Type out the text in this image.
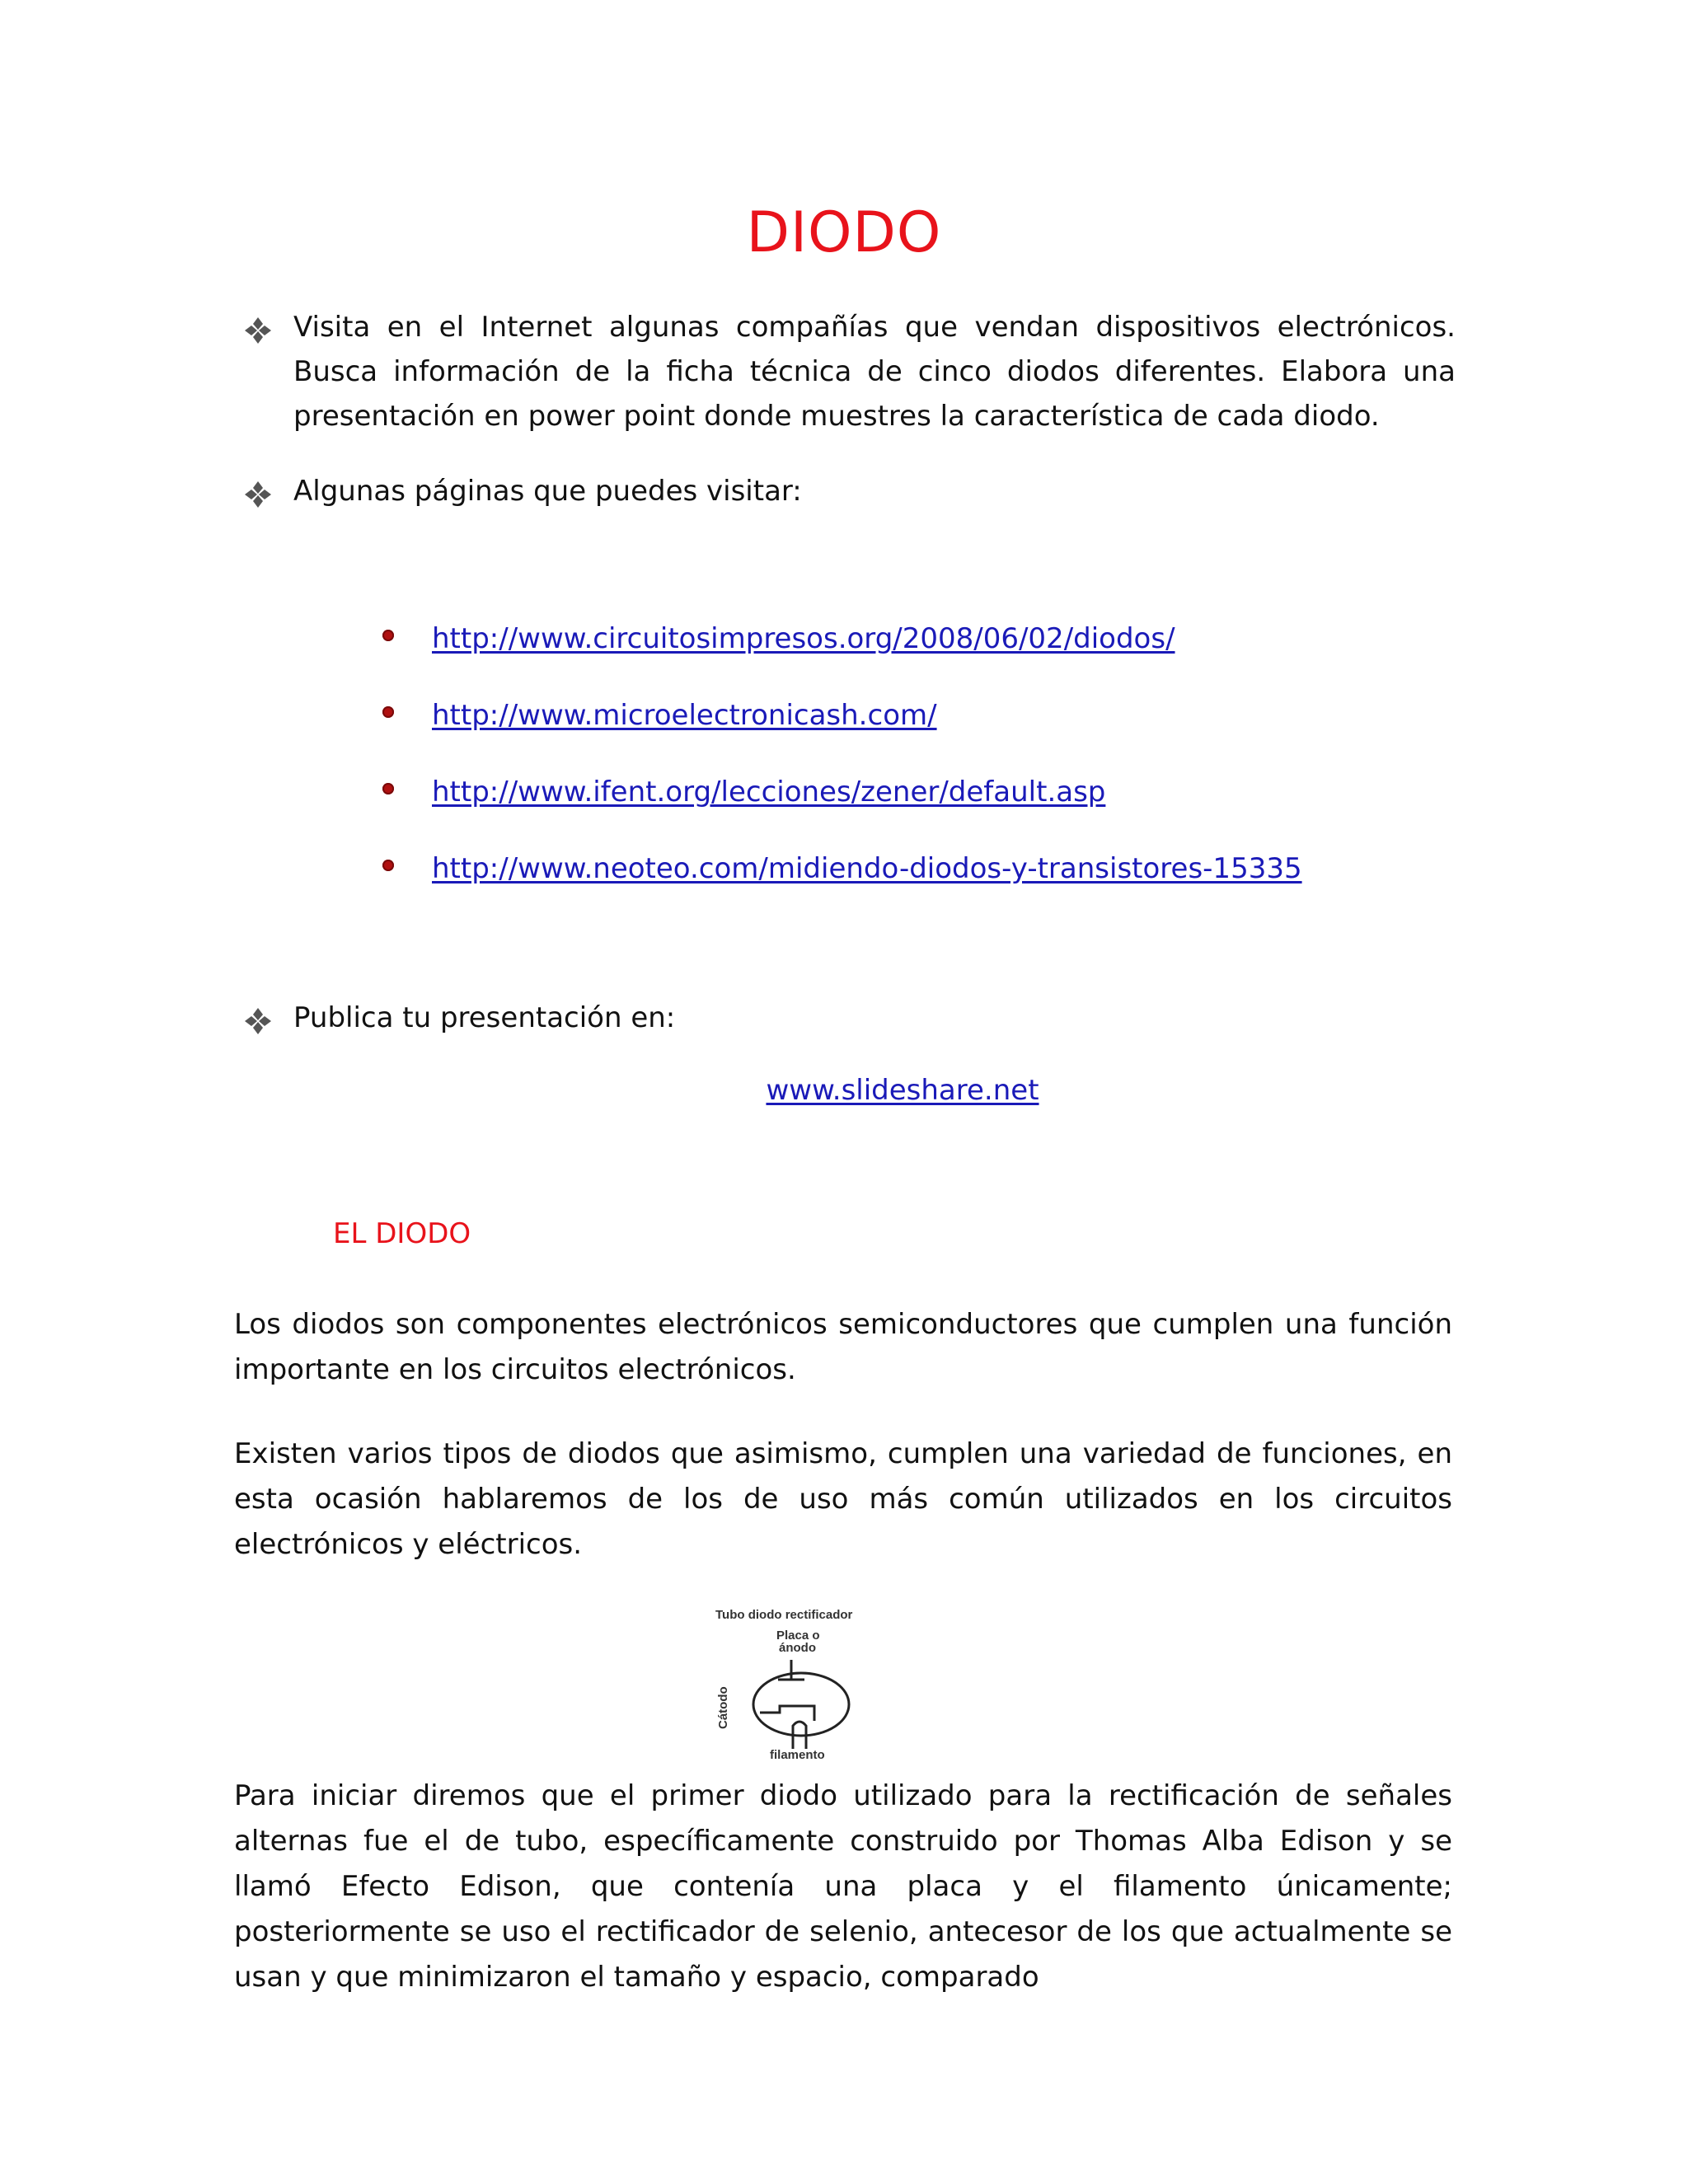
DIODO
Visita en el Internet algunas compañías que vendan dispositivos electrónicos. Busca información de la ficha técnica de cinco diodos diferentes. Elabora una presentación en power point donde muestres la característica de cada diodo.
Algunas páginas que puedes visitar:
http://www.circuitosimpresos.org/2008/06/02/diodos/
http://www.microelectronicash.com/
http://www.ifent.org/lecciones/zener/default.asp
http://www.neoteo.com/midiendo-diodos-y-transistores-15335
Publica tu presentación en:
www.slideshare.net
EL DIODO
Los diodos son componentes electrónicos semiconductores que cumplen una función importante en los circuitos electrónicos.
Existen varios tipos de diodos que asimismo, cumplen una variedad de funciones, en esta ocasión hablaremos de los de uso más común utilizados en los circuitos electrónicos y eléctricos.
Tubo diodo rectificador
Placa o
ánodo
filamento
Cátodo
Para iniciar diremos que el primer diodo utilizado para la rectificación de señales alternas fue el de tubo, específicamente construido por Thomas Alba Edison y se llamó Efecto Edison, que contenía una placa y el filamento únicamente; posteriormente se uso el rectificador de selenio, antecesor de los que actualmente se usan y que minimizaron el tamaño y espacio, comparado
